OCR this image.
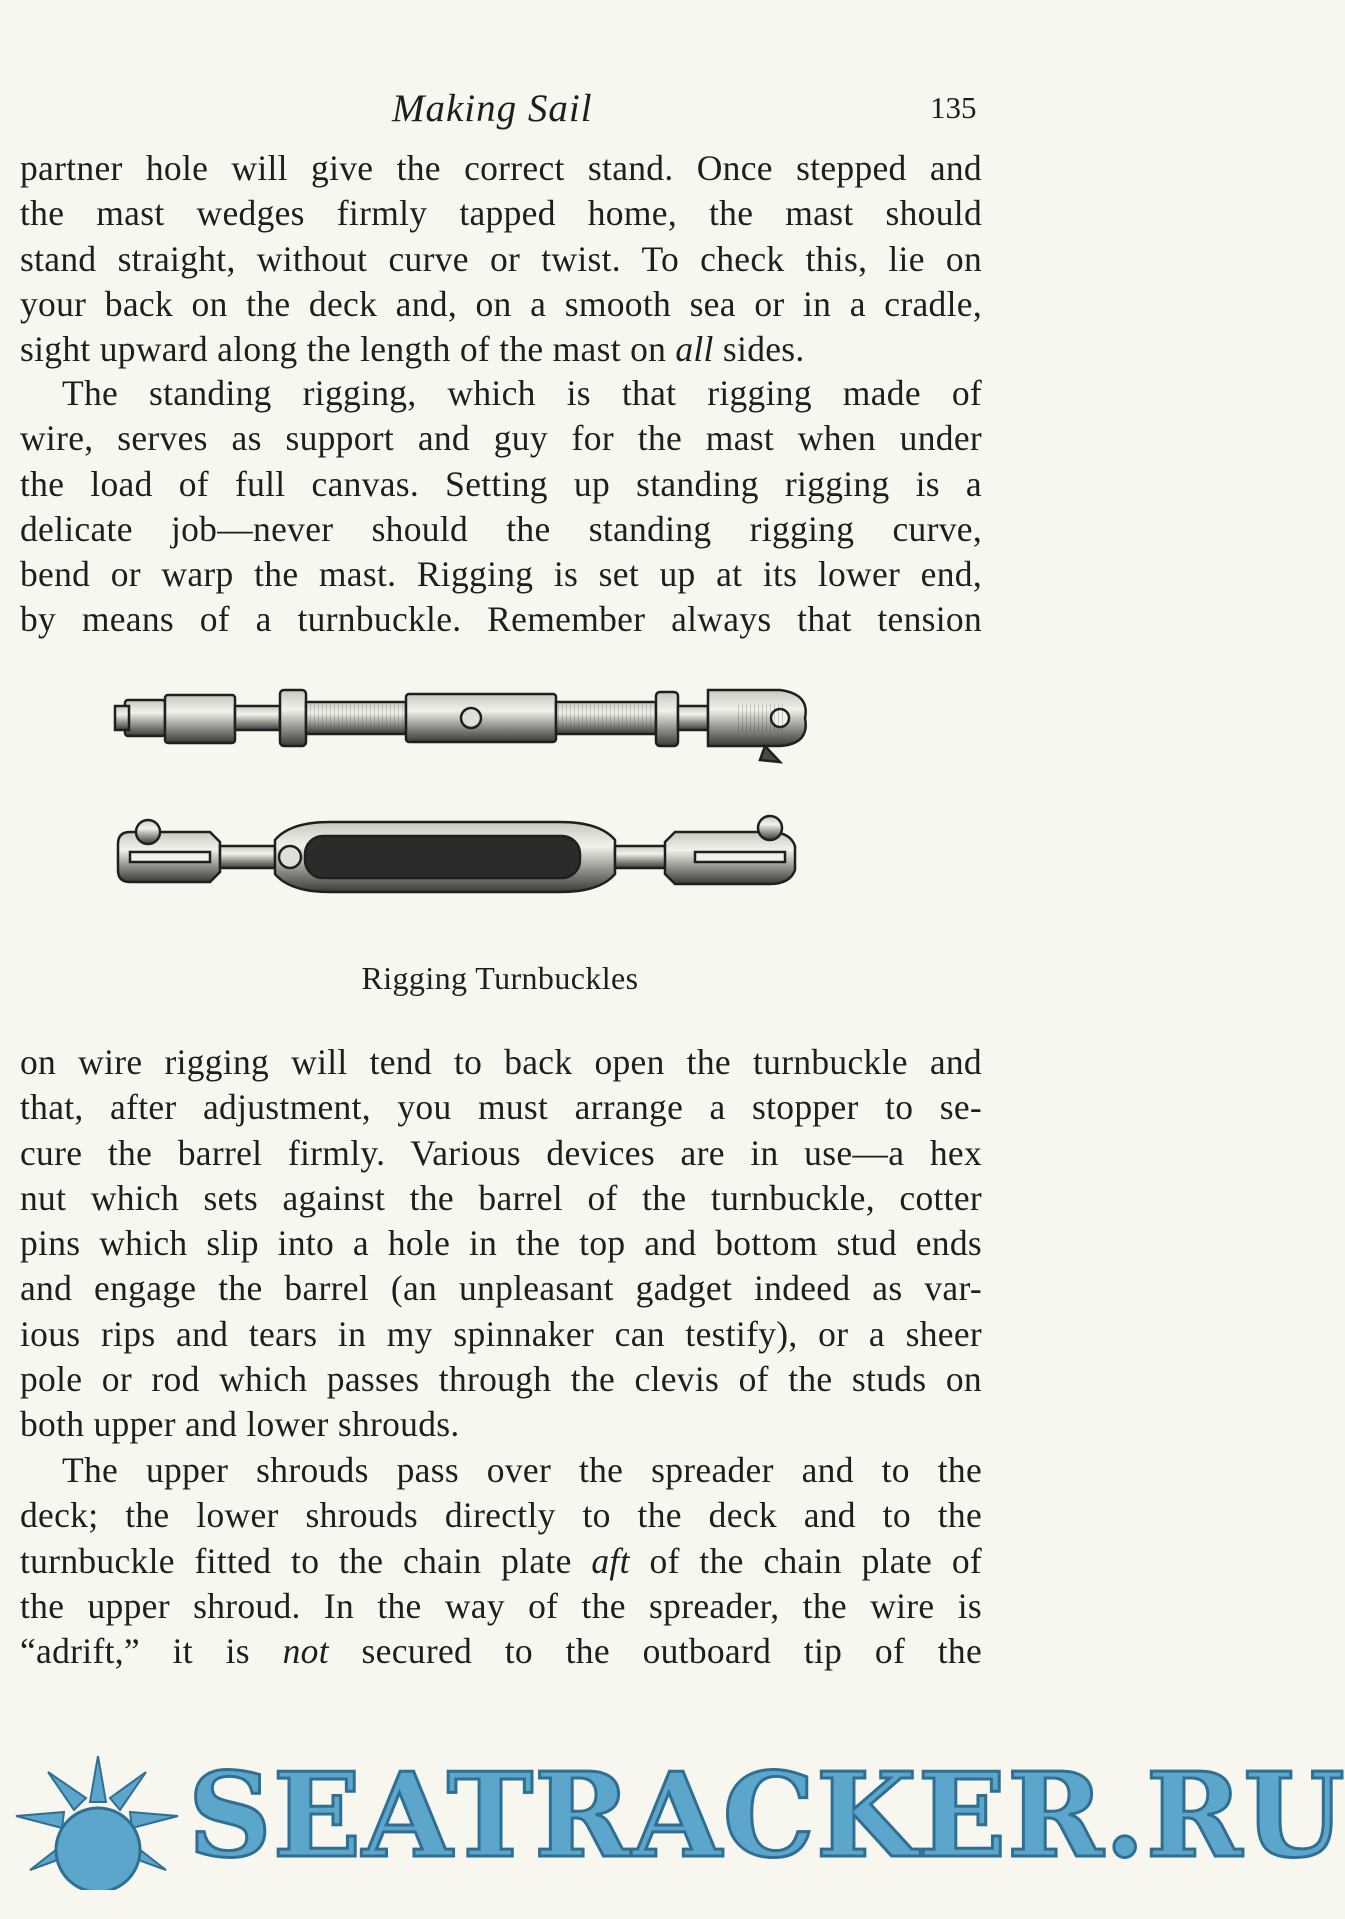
Making Sail	135

partner hole will give the correct stand. Once stepped and
the mast wedges firmly tapped home, the mast should
stand straight, without curve or twist. To check this, lie on
your back on the deck and, on a smooth sea or in a cradle,
sight upward along the length of the mast on all sides.

The standing rigging, which is that rigging made of
wire, serves as support and guy for the mast when under
the load of full canvas. Setting up standing rigging is a
delicate job—never should the standing rigging curve,
bend or warp the mast. Rigging is set up at its lower end,
by means of a turnbuckle. Remember always that tension

Rigging Turnbuckles

on wire rigging will tend to back open the turnbuckle and
that, after adjustment, you must arrange a stopper to se-
cure the barrel firmly. Various devices are in use—a hex
nut which sets against the barrel of the turnbuckle, cotter
pins which slip into a hole in the top and bottom stud ends
and engage the barrel (an unpleasant gadget indeed as var-
ious rips and tears in my spinnaker can testify), or a sheer
pole or rod which passes through the clevis of the studs on
both upper and lower shrouds.

The upper shrouds pass over the spreader and to the
deck; the lower shrouds directly to the deck and to the
turnbuckle fitted to the chain plate aft of the chain plate of
the upper shroud. In the way of the spreader, the wire is
“adrift,” it is not secured to the outboard tip of the

SEATRACKER.RU
